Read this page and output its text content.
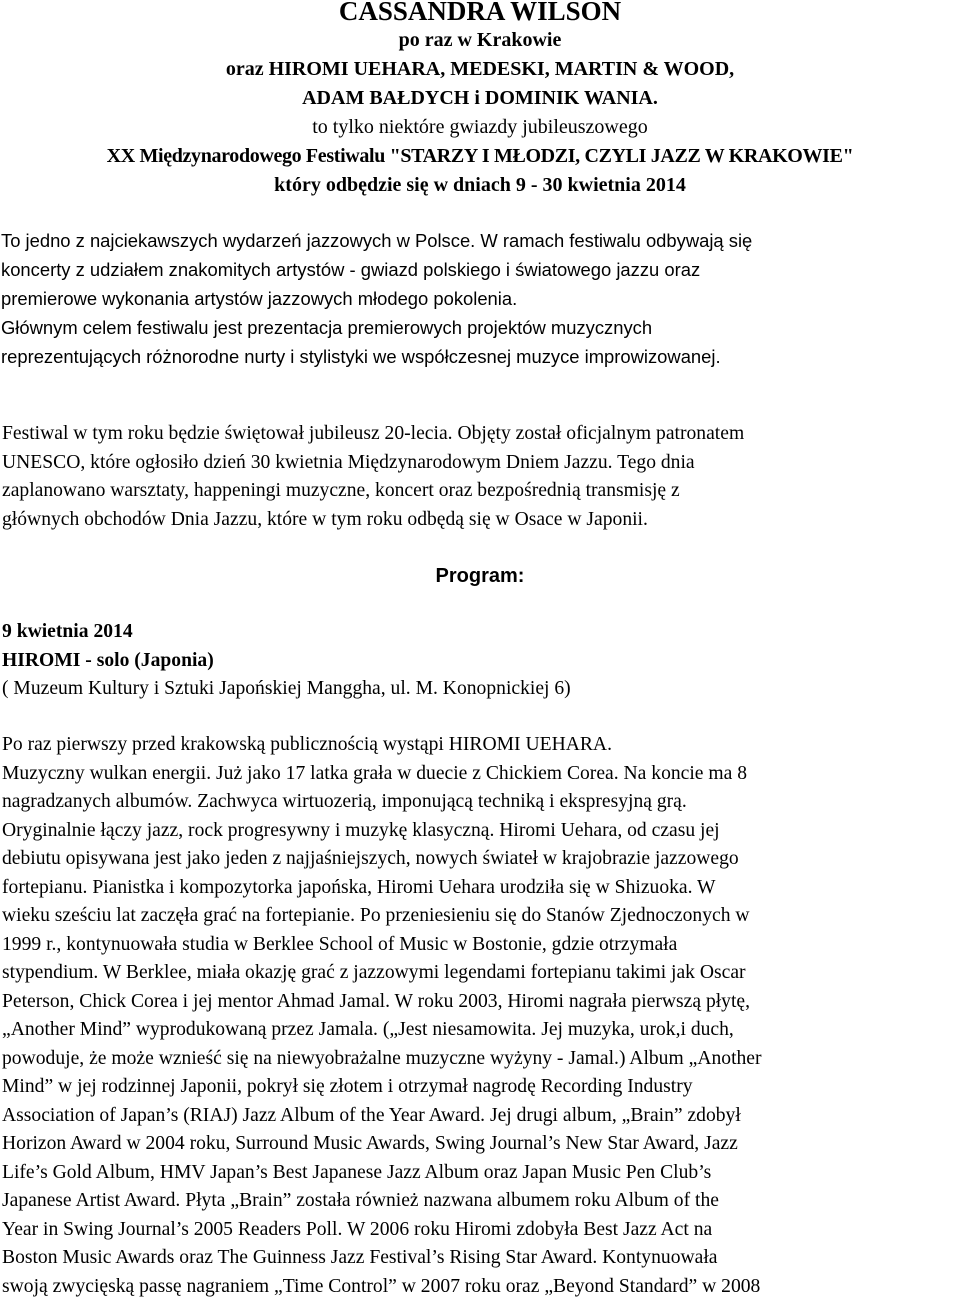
CASSANDRA WILSON

po raz w Krakowie

oraz HIROMI UEHARA, MEDESKI, MARTIN & WOOD,

ADAM BAŁDYCH i DOMINIK WANIA.

to tylko niektóre gwiazdy jubileuszowego

XX Międzynarodowego Festiwalu "STARZY I MŁODZI, CZYLI JAZZ W KRAKOWIE"

który odbędzie się w dniach 9 - 30 kwietnia 2014

To jedno z najciekawszych wydarzeń jazzowych w Polsce. W ramach festiwalu odbywają się

koncerty z udziałem znakomitych artystów - gwiazd polskiego i światowego jazzu oraz

premierowe wykonania artystów jazzowych młodego pokolenia.

Głównym celem festiwalu jest prezentacja premierowych projektów muzycznych

reprezentujących różnorodne nurty i stylistyki we współczesnej muzyce improwizowanej.

Festiwal w tym roku będzie świętował jubileusz 20-lecia. Objęty został oficjalnym patronatem

UNESCO, które ogłosiło dzień 30 kwietnia Międzynarodowym Dniem Jazzu. Tego dnia

zaplanowano warsztaty, happeningi muzyczne, koncert oraz bezpośrednią transmisję z

głównych obchodów Dnia Jazzu, które w tym roku odbędą się w Osace w Japonii.

Program:

9 kwietnia 2014

HIROMI - solo (Japonia)

( Muzeum Kultury i Sztuki Japońskiej Manggha, ul. M. Konopnickiej 6)

Po raz pierwszy przed krakowską publicznością wystąpi HIROMI UEHARA.

Muzyczny wulkan energii. Już jako 17 latka grała w duecie z Chickiem Corea. Na koncie ma 8

nagradzanych albumów. Zachwyca wirtuozerią, imponującą techniką i ekspresyjną grą.

Oryginalnie łączy jazz, rock progresywny i muzykę klasyczną. Hiromi Uehara, od czasu jej

debiutu opisywana jest jako jeden z najjaśniejszych, nowych świateł w krajobrazie jazzowego

fortepianu. Pianistka i kompozytorka japońska, Hiromi Uehara urodziła się w Shizuoka. W

wieku sześciu lat zaczęła grać na fortepianie. Po przeniesieniu się do Stanów Zjednoczonych w

1999 r., kontynuowała studia w Berklee School of Music w Bostonie, gdzie otrzymała

stypendium. W Berklee, miała okazję grać z jazzowymi legendami fortepianu takimi jak Oscar

Peterson, Chick Corea i jej mentor Ahmad Jamal. W roku 2003, Hiromi nagrała pierwszą płytę,

„Another Mind” wyprodukowaną przez Jamala. („Jest niesamowita. Jej muzyka, urok,i duch,

powoduje, że może wznieść się na niewyobrażalne muzyczne wyżyny - Jamal.) Album „Another

Mind” w jej rodzinnej Japonii, pokrył się złotem i otrzymał nagrodę Recording Industry

Association of Japan’s (RIAJ) Jazz Album of the Year Award. Jej drugi album, „Brain” zdobył

Horizon Award w 2004 roku, Surround Music Awards, Swing Journal’s New Star Award, Jazz

Life’s Gold Album, HMV Japan’s Best Japanese Jazz Album oraz Japan Music Pen Club’s

Japanese Artist Award. Płyta „Brain” została również nazwana albumem roku Album of the

Year in Swing Journal’s 2005 Readers Poll. W 2006 roku Hiromi zdobyła Best Jazz Act na

Boston Music Awards oraz The Guinness Jazz Festival’s Rising Star Award. Kontynuowała

swoją zwycięską passę nagraniem „Time Control” w 2007 roku oraz „Beyond Standard” w 2008
